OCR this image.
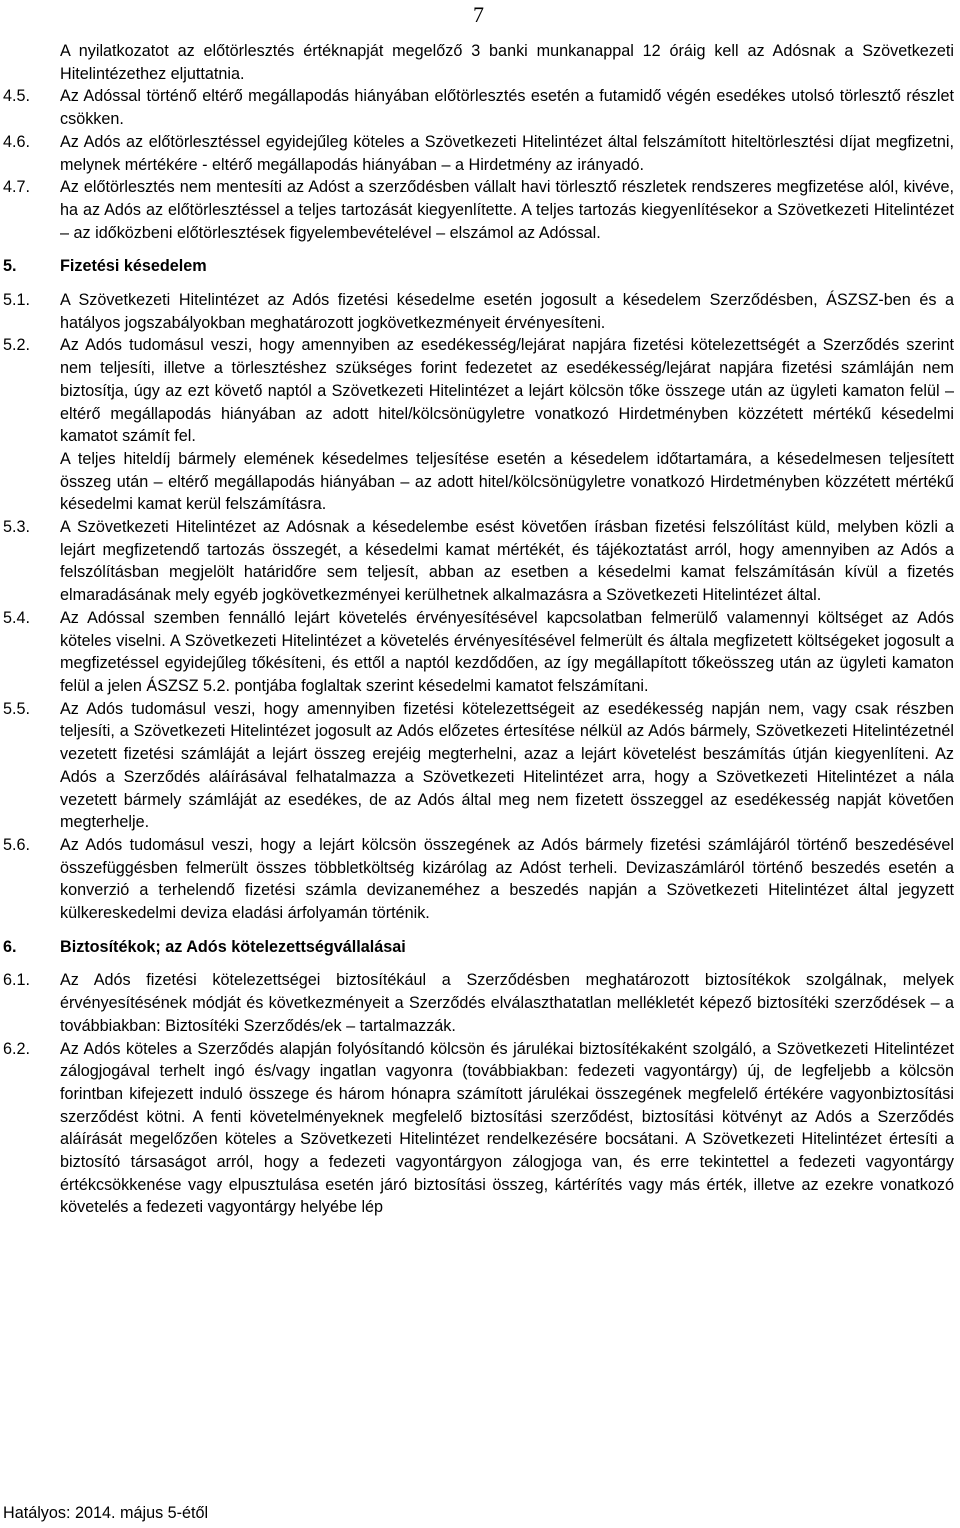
7
A nyilatkozatot az előtörlesztés értéknapját megelőző 3 banki munkanappal 12 óráig kell az Adósnak a Szövetkezeti Hitelintézethez eljuttatnia.
4.5.	Az Adóssal történő eltérő megállapodás hiányában előtörlesztés esetén a futamidő végén esedékes utolsó törlesztő részlet csökken.
4.6.	Az Adós az előtörlesztéssel egyidejűleg köteles a Szövetkezeti Hitelintézet által felszámított hiteltörlesztési díjat megfizetni, melynek mértékére - eltérő megállapodás hiányában – a Hirdetmény az irányadó.
4.7.	Az előtörlesztés nem mentesíti az Adóst a szerződésben vállalt havi törlesztő részletek rendszeres megfizetése alól, kivéve, ha az Adós az előtörlesztéssel a teljes tartozását kiegyenlítette. A teljes tartozás kiegyenlítésekor a Szövetkezeti Hitelintézet – az időközbeni előtörlesztések figyelembevételével – elszámol az Adóssal.
5.	Fizetési késedelem
5.1.	A Szövetkezeti Hitelintézet az Adós fizetési késedelme esetén jogosult a késedelem Szerződésben, ÁSZSZ-ben és a hatályos jogszabályokban meghatározott jogkövetkezményeit érvényesíteni.
5.2.	Az Adós tudomásul veszi, hogy amennyiben az esedékesség/lejárat napjára fizetési kötelezettségét a Szerződés szerint nem teljesíti, illetve a törlesztéshez szükséges forint fedezetet az esedékesség/lejárat napjára fizetési számláján nem biztosítja, úgy az ezt követő naptól a Szövetkezeti Hitelintézet a lejárt kölcsön tőke összege után az ügyleti kamaton felül – eltérő megállapodás hiányában az adott hitel/kölcsönügyletre vonatkozó Hirdetményben közzétett mértékű késedelmi kamatot számít fel.
A teljes hiteldíj bármely elemének késedelmes teljesítése esetén a késedelem időtartamára, a késedelmesen teljesített összeg után – eltérő megállapodás hiányában – az adott hitel/kölcsönügyletre vonatkozó Hirdetményben közzétett mértékű késedelmi kamat kerül felszámításra.
5.3.	A Szövetkezeti Hitelintézet az Adósnak a késedelembe esést követően írásban fizetési felszólítást küld, melyben közli a lejárt megfizetendő tartozás összegét, a késedelmi kamat mértékét, és tájékoztatást arról, hogy amennyiben az Adós a felszólításban megjelölt határidőre sem teljesít, abban az esetben a késedelmi kamat felszámításán kívül a fizetés elmaradásának mely egyéb jogkövetkezményei kerülhetnek alkalmazásra a Szövetkezeti Hitelintézet által.
5.4.	Az Adóssal szemben fennálló lejárt követelés érvényesítésével kapcsolatban felmerülő valamennyi költséget az Adós köteles viselni. A Szövetkezeti Hitelintézet a követelés érvényesítésével felmerült és általa megfizetett költségeket jogosult a megfizetéssel egyidejűleg tőkésíteni, és ettől a naptól kezdődően, az így megállapított tőkeösszeg után az ügyleti kamaton felül a jelen ÁSZSZ 5.2. pontjába foglaltak szerint késedelmi kamatot felszámítani.
5.5.	Az Adós tudomásul veszi, hogy amennyiben fizetési kötelezettségeit az esedékesség napján nem, vagy csak részben teljesíti, a Szövetkezeti Hitelintézet jogosult az Adós előzetes értesítése nélkül az Adós bármely, Szövetkezeti Hitelintézetnél vezetett fizetési számláját a lejárt összeg erejéig megterhelni, azaz a lejárt követelést beszámítás útján kiegyenlíteni. Az Adós a Szerződés aláírásával felhatalmazza a Szövetkezeti Hitelintézet arra, hogy a Szövetkezeti Hitelintézet a nála vezetett bármely számláját az esedékes, de az Adós által meg nem fizetett összeggel az esedékesség napját követően megterhelje.
5.6.	Az Adós tudomásul veszi, hogy a lejárt kölcsön összegének az Adós bármely fizetési számlájáról történő beszedésével összefüggésben felmerült összes többletköltség kizárólag az Adóst terheli. Devizaszámláról történő beszedés esetén a konverzió a terhelendő fizetési számla devizaneméhez a beszedés napján a Szövetkezeti Hitelintézet által jegyzett külkereskedelmi deviza eladási árfolyamán történik.
6.	Biztosítékok; az Adós kötelezettségvállalásai
6.1.	Az Adós fizetési kötelezettségei biztosítékául a Szerződésben meghatározott biztosítékok szolgálnak, melyek érvényesítésének módját és következményeit a Szerződés elválaszthatatlan mellékletét képező biztosítéki szerződések – a továbbiakban: Biztosítéki Szerződés/ek – tartalmazzák.
6.2.	Az Adós köteles a Szerződés alapján folyósítandó kölcsön és járulékai biztosítékaként szolgáló, a Szövetkezeti Hitelintézet zálogjogával terhelt ingó és/vagy ingatlan vagyonra (továbbiakban: fedezeti vagyontárgy) új, de legfeljebb a kölcsön forintban kifejezett induló összege és három hónapra számított járulékai összegének megfelelő értékére vagyonbiztosítási szerződést kötni. A fenti követelményeknek megfelelő biztosítási szerződést, biztosítási kötvényt az Adós a Szerződés aláírását megelőzően köteles a Szövetkezeti Hitelintézet rendelkezésére bocsátani. A Szövetkezeti Hitelintézet értesíti a biztosító társaságot arról, hogy a fedezeti vagyontárgyon zálogjoga van, és erre tekintettel a fedezeti vagyontárgy értékcsökkenése vagy elpusztulása esetén járó biztosítási összeg, kártérítés vagy más érték, illetve az ezekre vonatkozó követelés a fedezeti vagyontárgy helyébe lép
Hatályos: 2014. május 5-étől
